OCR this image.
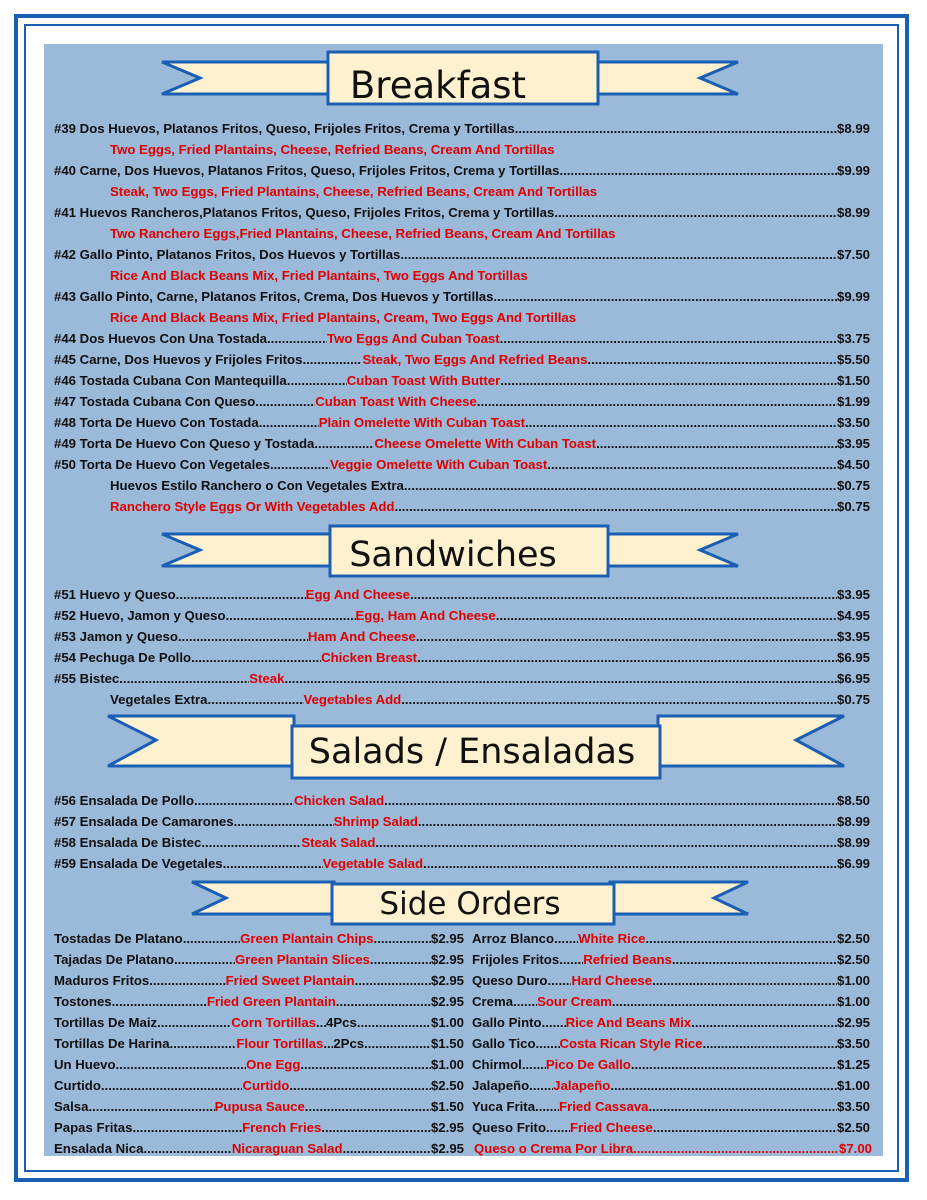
Breakfast
Sandwiches
Salads / Ensaladas
Side Orders
#39 Dos Huevos, Platanos Fritos, Queso, Frijoles Fritos, Crema y Tortillas .....	$8.99
Two Eggs, Fried Plantains, Cheese, Refried Beans, Cream And Tortillas
#40 Carne, Dos Huevos, Platanos Fritos, Queso, Frijoles Fritos, Crema y Tortillas .....	$9.99
Steak, Two Eggs, Fried Plantains, Cheese, Refried Beans, Cream And Tortillas
#41 Huevos Rancheros,Platanos Fritos, Queso, Frijoles Fritos, Crema y Tortillas .....	$8.99
Two Ranchero Eggs,Fried Plantains, Cheese, Refried Beans, Cream And Tortillas
#42 Gallo Pinto, Platanos Fritos, Dos Huevos y Tortillas .....	$7.50
Rice And Black Beans Mix, Fried Plantains, Two Eggs And Tortillas
#43 Gallo Pinto, Carne, Platanos Fritos, Crema, Dos Huevos y Tortillas .....	$9.99
Rice And Black Beans Mix, Fried Plantains, Cream, Two Eggs And Tortillas
#44 Dos Huevos Con Una Tostada .....	Two Eggs And Cuban Toast .....	$3.75
#45 Carne, Dos Huevos y Frijoles Fritos .....	Steak, Two Eggs And Refried Beans .....	$5.50
#46 Tostada Cubana Con Mantequilla .....	Cuban Toast With Butter .....	$1.50
#47 Tostada Cubana Con Queso .....	Cuban Toast With Cheese .....	$1.99
#48 Torta De Huevo Con Tostada .....	Plain Omelette With Cuban Toast .....	$3.50
#49 Torta De Huevo Con Queso y Tostada .....	Cheese Omelette With Cuban Toast .....	$3.95
#50 Torta De Huevo Con Vegetales .....	Veggie Omelette With Cuban Toast .....	$4.50
Huevos Estilo Ranchero o Con Vegetales Extra .....	$0.75
Ranchero Style Eggs Or With Vegetables Add .....	$0.75
#51 Huevo y Queso .....	Egg And Cheese .....	$3.95
#52 Huevo, Jamon y Queso .....	Egg, Ham And Cheese .....	$4.95
#53 Jamon y Queso .....	Ham And Cheese .....	$3.95
#54 Pechuga De Pollo .....	Chicken Breast .....	$6.95
#55 Bistec .....	Steak .....	$6.95
Vegetales Extra .....	Vegetables Add .....	$0.75
#56 Ensalada De Pollo .....	Chicken Salad .....	$8.50
#57 Ensalada De Camarones .....	Shrimp Salad .....	$8.99
#58 Ensalada De Bistec .....	Steak Salad .....	$8.99
#59 Ensalada De Vegetales .....	Vegetable Salad .....	$6.99
Tostadas De Platano .....	Green Plantain Chips .....	$2.95
Tajadas De Platano .....	Green Plantain Slices .....	$2.95
Maduros Fritos .....	Fried Sweet Plantain .....	$2.95
Tostones .....	Fried Green Plantain .....	$2.95
Tortillas De Maiz .....	Corn Tortillas ..... 4Pcs .....	$1.00
Tortillas De Harina .....	Flour Tortillas ..... 2Pcs .....	$1.50
Un Huevo .....	One Egg .....	$1.00
Curtido .....	Curtido .....	$2.50
Salsa .....	Pupusa Sauce .....	$1.50
Papas Fritas .....	French Fries .....	$2.95
Ensalada Nica .....	Nicaraguan Salad .....	$2.95
Arroz Blanco ..... White Rice .....	$2.50
Frijoles Fritos ..... Refried Beans .....	$2.50
Queso Duro ..... Hard Cheese .....	$1.00
Crema ..... Sour Cream .....	$1.00
Gallo Pinto ..... Rice And Beans Mix .....	$2.95
Gallo Tico ..... Costa Rican Style Rice .....	$3.50
Chirmol ..... Pico De Gallo .....	$1.25
Jalapeño ..... Jalapeño .....	$1.00
Yuca Frita ..... Fried Cassava .....	$3.50
Queso Frito ..... Fried Cheese .....	$2.50
Queso o Crema Por Libra .....	$7.00
